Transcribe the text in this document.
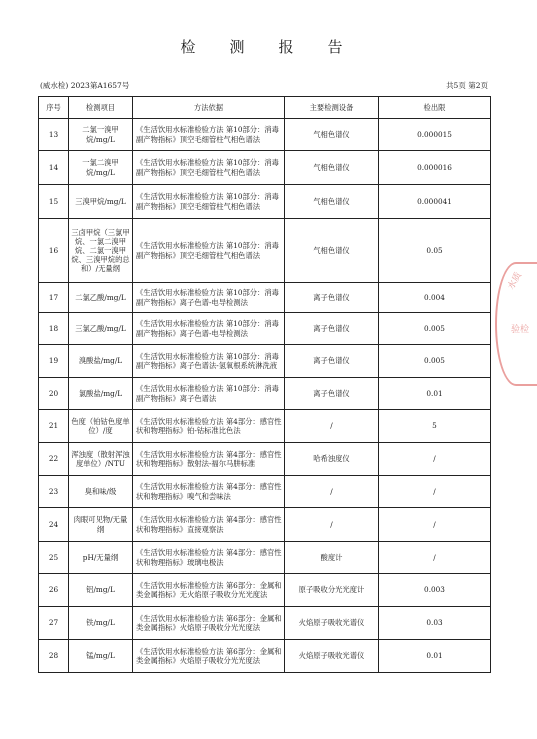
检 测 报 告
(威水检) 2023第A1657号	共5页 第2页
序号	检测项目	方法依据	主要检测设备	检出限
13	二氯一溴甲烷/mg/L	《生活饮用水标准检验方法 第10部分：消毒副产物指标》顶空毛细管柱气相色谱法	气相色谱仪	0.000015
14	一氯二溴甲烷/mg/L	《生活饮用水标准检验方法 第10部分：消毒副产物指标》顶空毛细管柱气相色谱法	气相色谱仪	0.000016
15	三溴甲烷/mg/L	《生活饮用水标准检验方法 第10部分：消毒副产物指标》顶空毛细管柱气相色谱法	气相色谱仪	0.000041
16	三卤甲烷（三氯甲烷、一氯二溴甲烷、二氯一溴甲烷、三溴甲烷的总和）/无量纲	《生活饮用水标准检验方法 第10部分：消毒副产物指标》顶空毛细管柱气相色谱法	气相色谱仪	0.05
17	二氯乙酸/mg/L	《生活饮用水标准检验方法 第10部分：消毒副产物指标》离子色谱-电导检测法	离子色谱仪	0.004
18	三氯乙酸/mg/L	《生活饮用水标准检验方法 第10部分：消毒副产物指标》离子色谱-电导检测法	离子色谱仪	0.005
19	溴酸盐/mg/L	《生活饮用水标准检验方法 第10部分：消毒副产物指标》离子色谱法-氢氧根系统淋洗液	离子色谱仪	0.005
20	氯酸盐/mg/L	《生活饮用水标准检验方法 第10部分：消毒副产物指标》离子色谱法	离子色谱仪	0.01
21	色度（铂钴色度单位）/度	《生活饮用水标准检验方法 第4部分：感官性状和物理指标》铂-钴标准比色法	/	5
22	浑浊度（散射浑浊度单位）/NTU	《生活饮用水标准检验方法 第4部分：感官性状和物理指标》散射法-福尔马肼标准	哈希浊度仪	/
23	臭和味/级	《生活饮用水标准检验方法 第4部分：感官性状和物理指标》嗅气和尝味法	/	/
24	肉眼可见物/无量纲	《生活饮用水标准检验方法 第4部分：感官性状和物理指标》直接观察法	/	/
25	pH/无量纲	《生活饮用水标准检验方法 第4部分：感官性状和物理指标》玻璃电极法	酸度计	/
26	铝/mg/L	《生活饮用水标准检验方法 第6部分：金属和类金属指标》无火焰原子吸收分光光度法	原子吸收分光光度计	0.003
27	铁/mg/L	《生活饮用水标准检验方法 第6部分：金属和类金属指标》火焰原子吸收分光光度法	火焰原子吸收光谱仪	0.03
28	锰/mg/L	《生活饮用水标准检验方法 第6部分：金属和类金属指标》火焰原子吸收分光光度法	火焰原子吸收光谱仪	0.01
水质
验检
